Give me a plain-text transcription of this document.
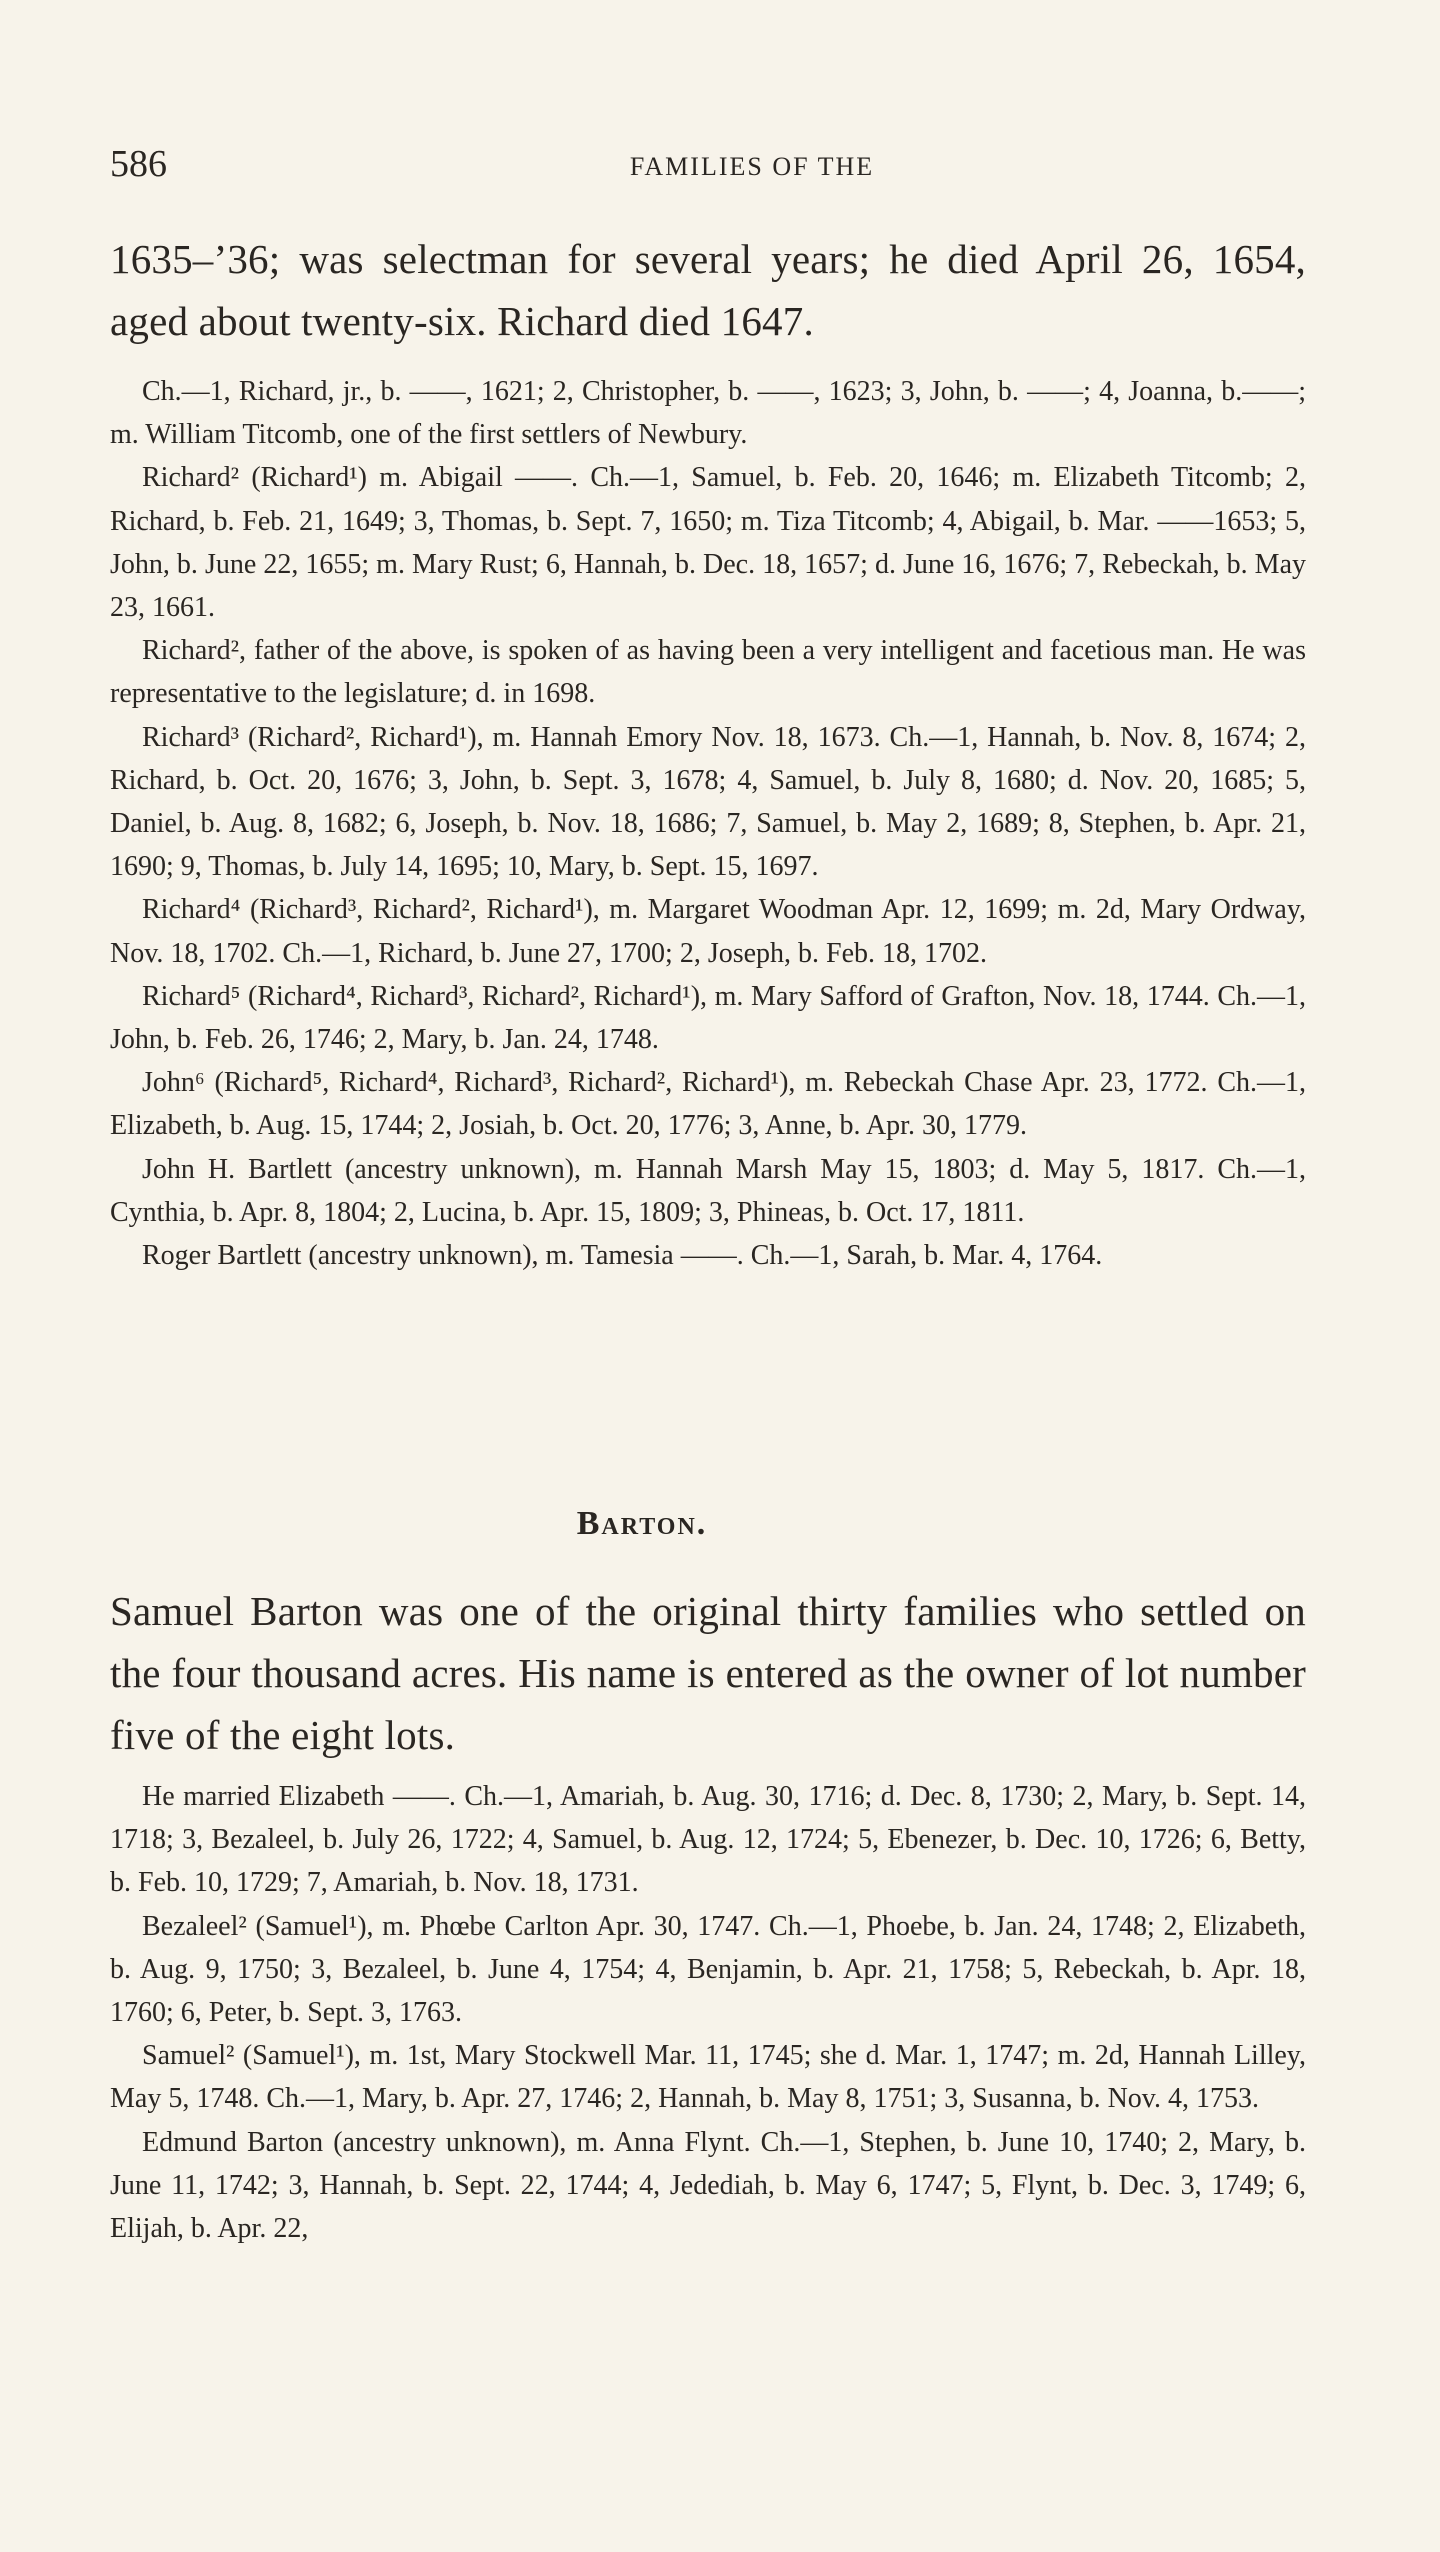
586	FAMILIES OF THE

1635–’36; was selectman for several years; he died April 26, 1654, aged about twenty-six. Richard died 1647.

Ch.—1, Richard, jr., b. ——, 1621; 2, Christopher, b. ——, 1623; 3, John, b. ——; 4, Joanna, b.——; m. William Titcomb, one of the first settlers of Newbury.

Richard² (Richard¹) m. Abigail ——. Ch.—1, Samuel, b. Feb. 20, 1646; m. Elizabeth Titcomb; 2, Richard, b. Feb. 21, 1649; 3, Thomas, b. Sept. 7, 1650; m. Tiza Titcomb; 4, Abigail, b. Mar. ——1653; 5, John, b. June 22, 1655; m. Mary Rust; 6, Hannah, b. Dec. 18, 1657; d. June 16, 1676; 7, Rebeckah, b. May 23, 1661.

Richard², father of the above, is spoken of as having been a very intelligent and facetious man. He was representative to the legislature; d. in 1698.

Richard³ (Richard², Richard¹), m. Hannah Emory Nov. 18, 1673. Ch.—1, Hannah, b. Nov. 8, 1674; 2, Richard, b. Oct. 20, 1676; 3, John, b. Sept. 3, 1678; 4, Samuel, b. July 8, 1680; d. Nov. 20, 1685; 5, Daniel, b. Aug. 8, 1682; 6, Joseph, b. Nov. 18, 1686; 7, Samuel, b. May 2, 1689; 8, Stephen, b. Apr. 21, 1690; 9, Thomas, b. July 14, 1695; 10, Mary, b. Sept. 15, 1697.

Richard⁴ (Richard³, Richard², Richard¹), m. Margaret Woodman Apr. 12, 1699; m. 2d, Mary Ordway, Nov. 18, 1702. Ch.—1, Richard, b. June 27, 1700; 2, Joseph, b. Feb. 18, 1702.

Richard⁵ (Richard⁴, Richard³, Richard², Richard¹), m. Mary Safford of Grafton, Nov. 18, 1744. Ch.—1, John, b. Feb. 26, 1746; 2, Mary, b. Jan. 24, 1748.

John⁶ (Richard⁵, Richard⁴, Richard³, Richard², Richard¹), m. Rebeckah Chase Apr. 23, 1772. Ch.—1, Elizabeth, b. Aug. 15, 1744; 2, Josiah, b. Oct. 20, 1776; 3, Anne, b. Apr. 30, 1779.

John H. Bartlett (ancestry unknown), m. Hannah Marsh May 15, 1803; d. May 5, 1817. Ch.—1, Cynthia, b. Apr. 8, 1804; 2, Lucina, b. Apr. 15, 1809; 3, Phineas, b. Oct. 17, 1811.

Roger Bartlett (ancestry unknown), m. Tamesia ——. Ch.—1, Sarah, b. Mar. 4, 1764.

Barton.

Samuel Barton was one of the original thirty families who settled on the four thousand acres. His name is entered as the owner of lot number five of the eight lots.

He married Elizabeth ——. Ch.—1, Amariah, b. Aug. 30, 1716; d. Dec. 8, 1730; 2, Mary, b. Sept. 14, 1718; 3, Bezaleel, b. July 26, 1722; 4, Samuel, b. Aug. 12, 1724; 5, Ebenezer, b. Dec. 10, 1726; 6, Betty, b. Feb. 10, 1729; 7, Amariah, b. Nov. 18, 1731.

Bezaleel² (Samuel¹), m. Phœbe Carlton Apr. 30, 1747. Ch.—1, Phoebe, b. Jan. 24, 1748; 2, Elizabeth, b. Aug. 9, 1750; 3, Bezaleel, b. June 4, 1754; 4, Benjamin, b. Apr. 21, 1758; 5, Rebeckah, b. Apr. 18, 1760; 6, Peter, b. Sept. 3, 1763.

Samuel² (Samuel¹), m. 1st, Mary Stockwell Mar. 11, 1745; she d. Mar. 1, 1747; m. 2d, Hannah Lilley, May 5, 1748. Ch.—1, Mary, b. Apr. 27, 1746; 2, Hannah, b. May 8, 1751; 3, Susanna, b. Nov. 4, 1753.

Edmund Barton (ancestry unknown), m. Anna Flynt. Ch.—1, Stephen, b. June 10, 1740; 2, Mary, b. June 11, 1742; 3, Hannah, b. Sept. 22, 1744; 4, Jedediah, b. May 6, 1747; 5, Flynt, b. Dec. 3, 1749; 6, Elijah, b. Apr. 22,
